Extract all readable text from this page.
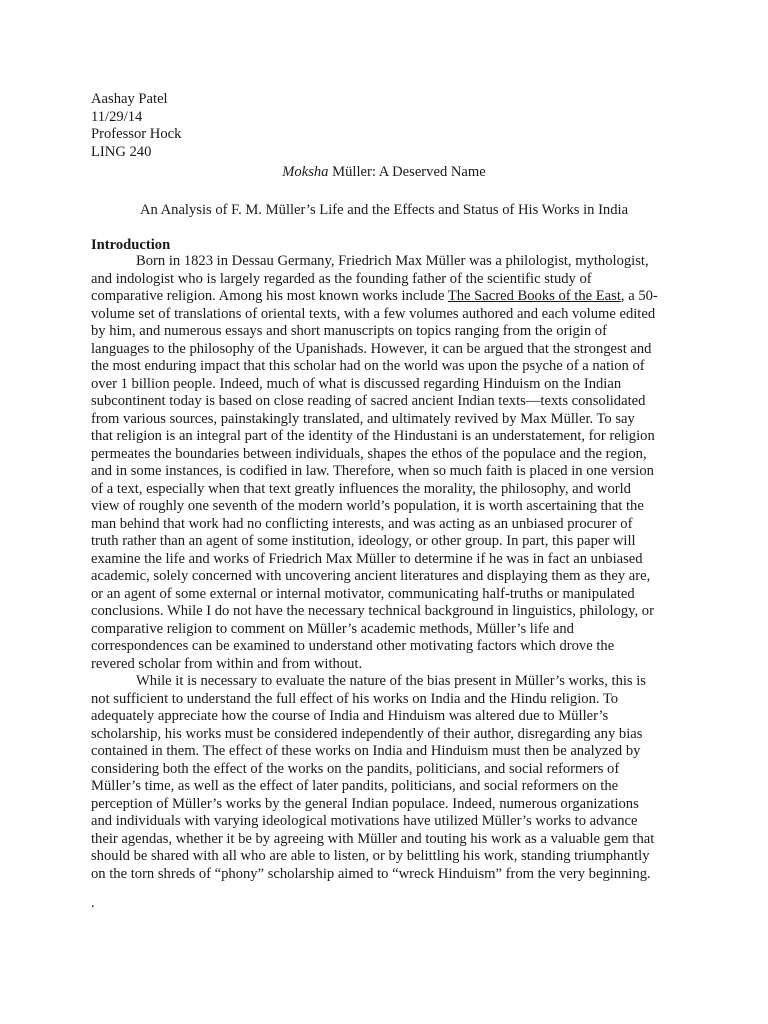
Aashay Patel
11/29/14
Professor Hock
LING 240
Moksha Müller: A Deserved Name
An Analysis of F. M. Müller’s Life and the Effects and Status of His Works in India
Introduction
Born in 1823 in Dessau Germany, Friedrich Max Müller was a philologist, mythologist,
and indologist who is largely regarded as the founding father of the scientific study of
comparative religion. Among his most known works include The Sacred Books of the East, a 50-
volume set of translations of oriental texts, with a few volumes authored and each volume edited
by him, and numerous essays and short manuscripts on topics ranging from the origin of
languages to the philosophy of the Upanishads. However, it can be argued that the strongest and
the most enduring impact that this scholar had on the world was upon the psyche of a nation of
over 1 billion people. Indeed, much of what is discussed regarding Hinduism on the Indian
subcontinent today is based on close reading of sacred ancient Indian texts—texts consolidated
from various sources, painstakingly translated, and ultimately revived by Max Müller. To say
that religion is an integral part of the identity of the Hindustani is an understatement, for religion
permeates the boundaries between individuals, shapes the ethos of the populace and the region,
and in some instances, is codified in law. Therefore, when so much faith is placed in one version
of a text, especially when that text greatly influences the morality, the philosophy, and world
view of roughly one seventh of the modern world’s population, it is worth ascertaining that the
man behind that work had no conflicting interests, and was acting as an unbiased procurer of
truth rather than an agent of some institution, ideology, or other group. In part, this paper will
examine the life and works of Friedrich Max Müller to determine if he was in fact an unbiased
academic, solely concerned with uncovering ancient literatures and displaying them as they are,
or an agent of some external or internal motivator, communicating half-truths or manipulated
conclusions. While I do not have the necessary technical background in linguistics, philology, or
comparative religion to comment on Müller’s academic methods, Müller’s life and
correspondences can be examined to understand other motivating factors which drove the
revered scholar from within and from without.
While it is necessary to evaluate the nature of the bias present in Müller’s works, this is
not sufficient to understand the full effect of his works on India and the Hindu religion. To
adequately appreciate how the course of India and Hinduism was altered due to Müller’s
scholarship, his works must be considered independently of their author, disregarding any bias
contained in them. The effect of these works on India and Hinduism must then be analyzed by
considering both the effect of the works on the pandits, politicians, and social reformers of
Müller’s time, as well as the effect of later pandits, politicians, and social reformers on the
perception of Müller’s works by the general Indian populace. Indeed, numerous organizations
and individuals with varying ideological motivations have utilized Müller’s works to advance
their agendas, whether it be by agreeing with Müller and touting his work as a valuable gem that
should be shared with all who are able to listen, or by belittling his work, standing triumphantly
on the torn shreds of “phony” scholarship aimed to “wreck Hinduism” from the very beginning.
.
